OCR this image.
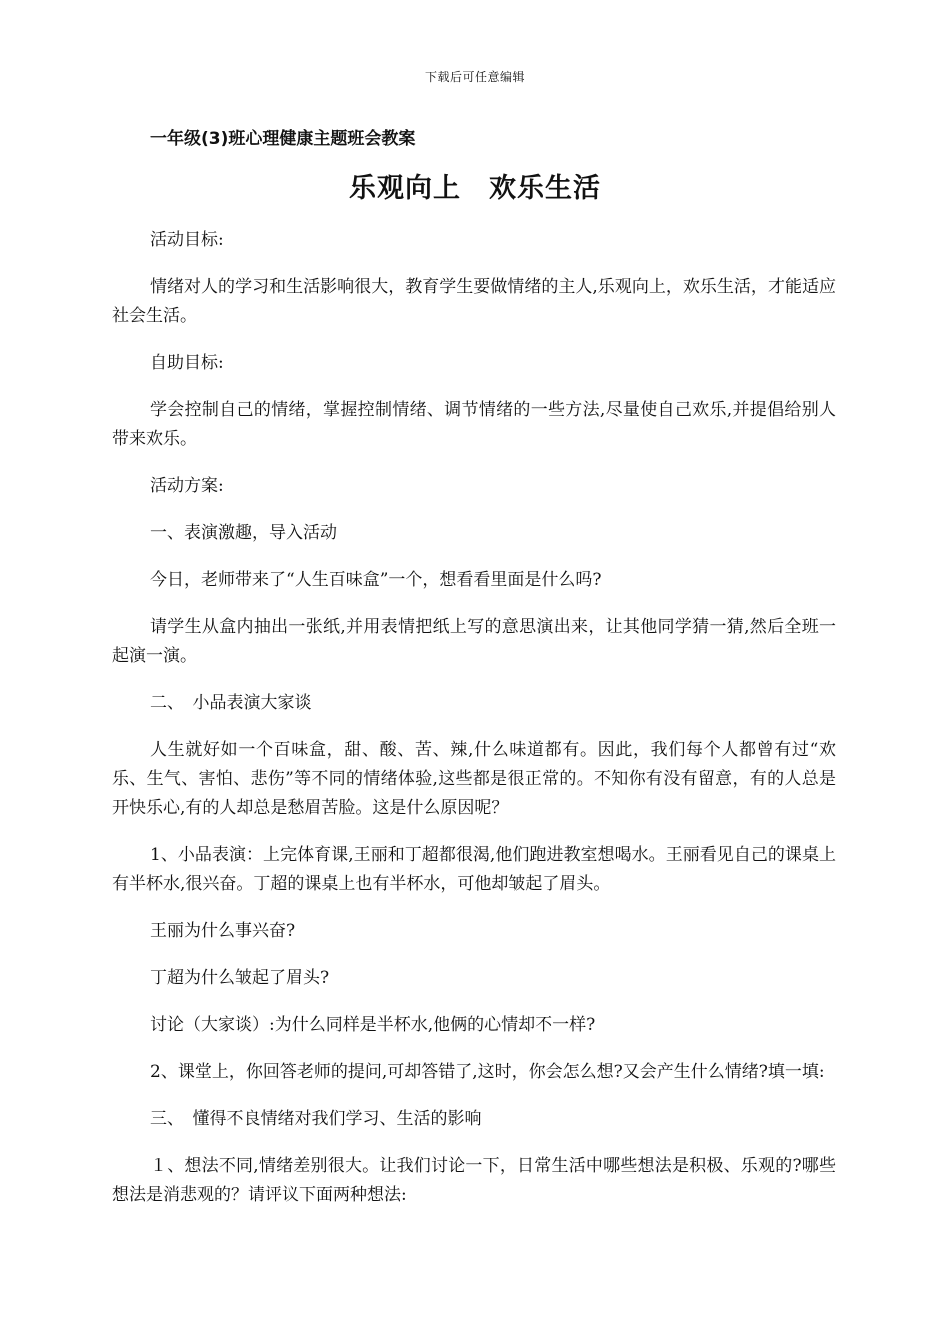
下载后可任意编辑
一年级(3)班心理健康主题班会教案
乐观向上　欢乐生活

活动目标:

情绪对人的学习和生活影响很大，教育学生要做情绪的主人,乐观向上，欢乐生活，才能适应社会生活。

自助目标:

学会控制自己的情绪，掌握控制情绪、调节情绪的一些方法,尽量使自己欢乐,并提倡给别人带来欢乐。

活动方案:

一、表演激趣，导入活动

今日，老师带来了“人生百味盒”一个，想看看里面是什么吗?

请学生从盒内抽出一张纸,并用表情把纸上写的意思演出来，让其他同学猜一猜,然后全班一起演一演。

二、　小品表演大家谈

人生就好如一个百味盒，甜、酸、苦、辣,什么味道都有。因此，我们每个人都曾有过“欢乐、生气、害怕、悲伤”等不同的情绪体验,这些都是很正常的。不知你有没有留意，有的人总是开快乐心,有的人却总是愁眉苦脸。这是什么原因呢？

1、小品表演：上完体育课,王丽和丁超都很渴,他们跑进教室想喝水。王丽看见自己的课桌上有半杯水,很兴奋。丁超的课桌上也有半杯水，可他却皱起了眉头。

王丽为什么事兴奋?

丁超为什么皱起了眉头?

讨论（大家谈）:为什么同样是半杯水,他俩的心情却不一样?

2、课堂上，你回答老师的提问,可却答错了,这时，你会怎么想?又会产生什么情绪?填一填:

三、　懂得不良情绪对我们学习、生活的影响

１、想法不同,情绪差别很大。让我们讨论一下，日常生活中哪些想法是积极、乐观的?哪些想法是消悲观的？请评议下面两种想法:
